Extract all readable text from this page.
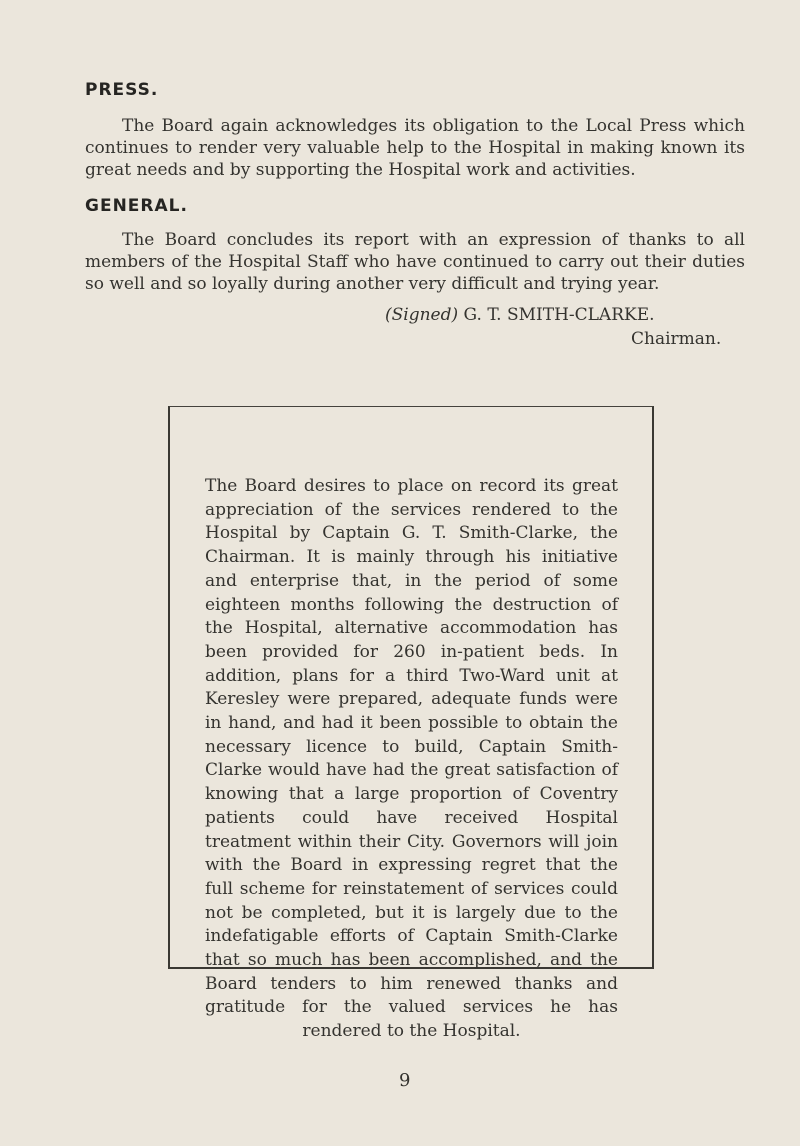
PRESS.

The Board again acknowledges its obligation to the Local Press which continues to render very valuable help to the Hospital in making known its great needs and by supporting the Hospital work and activities.

GENERAL.

The Board concludes its report with an expression of thanks to all members of the Hospital Staff who have continued to carry out their duties so well and so loyally during another very difficult and trying year.

(Signed) G. T. SMITH-CLARKE.
Chairman.

The Board desires to place on record its great appreciation of the services rendered to the Hospital by Captain G. T. Smith-Clarke, the Chairman. It is mainly through his initiative and enterprise that, in the period of some eighteen months following the destruction of the Hospital, alternative accommodation has been provided for 260 in-patient beds. In addition, plans for a third Two-Ward unit at Keresley were prepared, adequate funds were in hand, and had it been possible to obtain the necessary licence to build, Captain Smith-Clarke would have had the great satisfaction of knowing that a large proportion of Coventry patients could have received Hospital treatment within their City. Governors will join with the Board in expressing regret that the full scheme for reinstatement of services could not be completed, but it is largely due to the indefatigable efforts of Captain Smith-Clarke that so much has been accomplished, and the Board tenders to him renewed thanks and gratitude for the valued services he has rendered to the Hospital.

9
